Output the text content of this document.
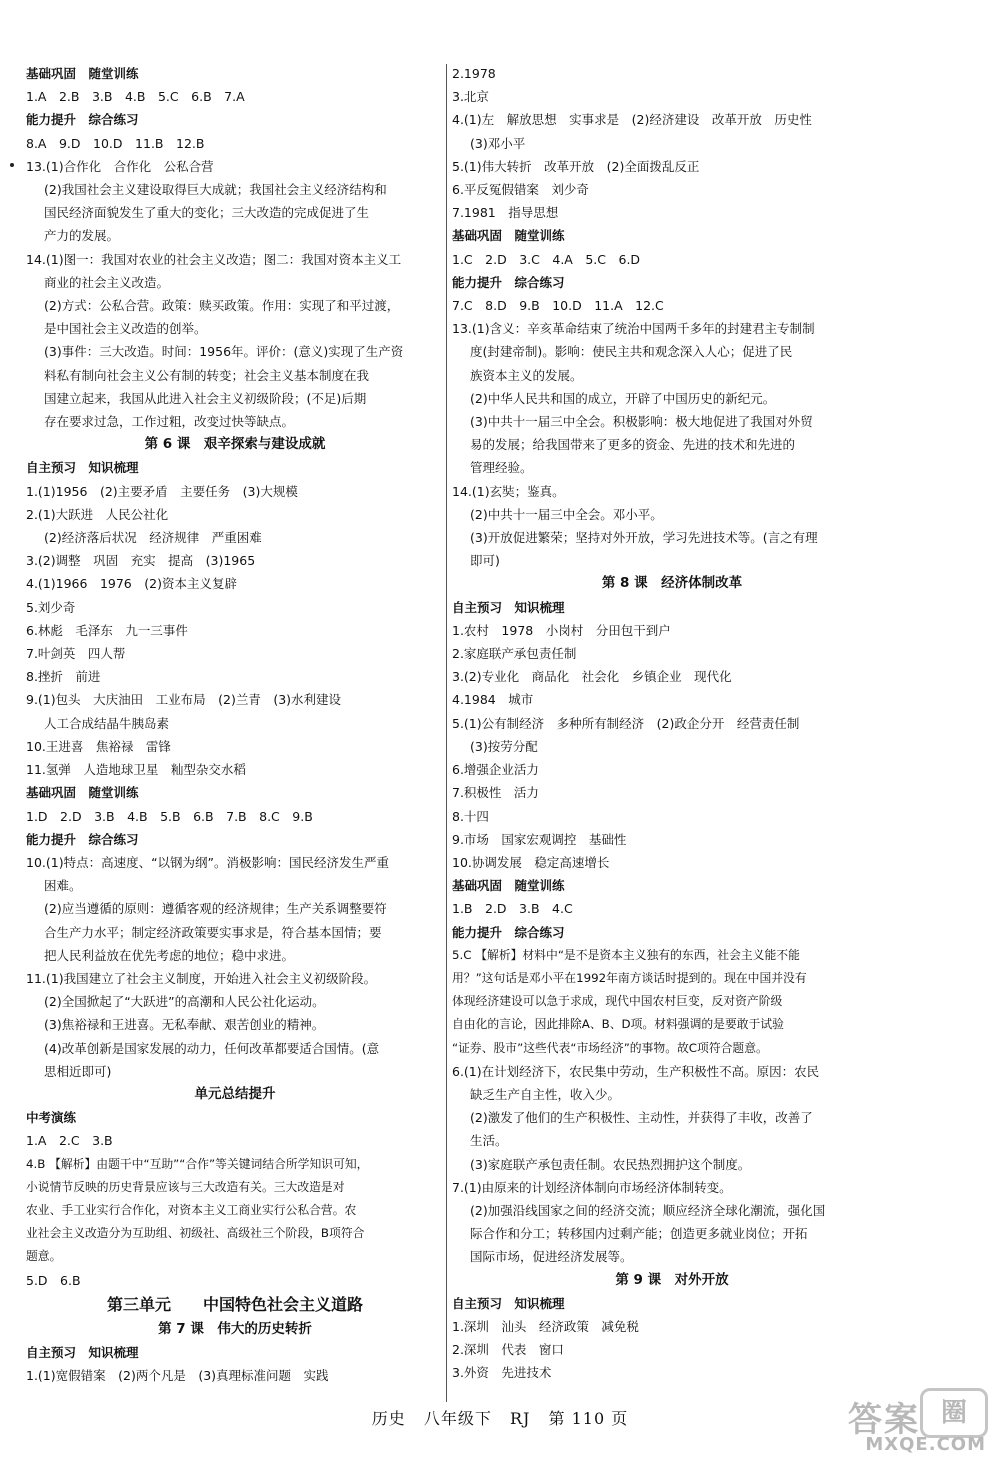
基础巩固　随堂训练
1.A　2.B　3.B　4.B　5.C　6.B　7.A
能力提升　综合练习
8.A　9.D　10.D　11.B　12.B
13.(1)合作化　合作化　公私合营
(2)我国社会主义建设取得巨大成就；我国社会主义经济结构和
国民经济面貌发生了重大的变化；三大改造的完成促进了生
产力的发展。
14.(1)图一：我国对农业的社会主义改造；图二：我国对资本主义工
商业的社会主义改造。
(2)方式：公私合营。政策：赎买政策。作用：实现了和平过渡，
是中国社会主义改造的创举。
(3)事件：三大改造。时间：1956年。评价：(意义)实现了生产资
料私有制向社会主义公有制的转变；社会主义基本制度在我
国建立起来，我国从此进入社会主义初级阶段；(不足)后期
存在要求过急，工作过粗，改变过快等缺点。
第 6 课　艰辛探索与建设成就
自主预习　知识梳理
1.(1)1956　(2)主要矛盾　主要任务　(3)大规模
2.(1)大跃进　人民公社化
(2)经济落后状况　经济规律　严重困难
3.(2)调整　巩固　充实　提高　(3)1965
4.(1)1966　1976　(2)资本主义复辟
5.刘少奇
6.林彪　毛泽东　九一三事件
7.叶剑英　四人帮
8.挫折　前进
9.(1)包头　大庆油田　工业布局　(2)兰青　(3)水利建设
人工合成结晶牛胰岛素
10.王进喜　焦裕禄　雷锋
11.氢弹　人造地球卫星　籼型杂交水稻
基础巩固　随堂训练
1.D　2.D　3.B　4.B　5.B　6.B　7.B　8.C　9.B
能力提升　综合练习
10.(1)特点：高速度、“以钢为纲”。消极影响：国民经济发生严重
困难。
(2)应当遵循的原则：遵循客观的经济规律；生产关系调整要符
合生产力水平；制定经济政策要实事求是，符合基本国情；要
把人民利益放在优先考虑的地位；稳中求进。
11.(1)我国建立了社会主义制度，开始进入社会主义初级阶段。
(2)全国掀起了“大跃进”的高潮和人民公社化运动。
(3)焦裕禄和王进喜。无私奉献、艰苦创业的精神。
(4)改革创新是国家发展的动力，任何改革都要适合国情。(意
思相近即可)
单元总结提升
中考演练
1.A　2.C　3.B
4.B 【解析】由题干中“互助”“合作”等关键词结合所学知识可知，
小说情节反映的历史背景应该与三大改造有关。三大改造是对
农业、手工业实行合作化，对资本主义工商业实行公私合营。农
业社会主义改造分为互助组、初级社、高级社三个阶段，B项符合
题意。
5.D　6.B
第三单元　　中国特色社会主义道路
第 7 课　伟大的历史转折
自主预习　知识梳理
1.(1)宽假错案　(2)两个凡是　(3)真理标准问题　实践
2.1978
3.北京
4.(1)左　解放思想　实事求是　(2)经济建设　改革开放　历史性
(3)邓小平
5.(1)伟大转折　改革开放　(2)全面拨乱反正
6.平反冤假错案　刘少奇
7.1981　指导思想
基础巩固　随堂训练
1.C　2.D　3.C　4.A　5.C　6.D
能力提升　综合练习
7.C　8.D　9.B　10.D　11.A　12.C
13.(1)含义：辛亥革命结束了统治中国两千多年的封建君主专制制
度(封建帝制)。影响：使民主共和观念深入人心；促进了民
族资本主义的发展。
(2)中华人民共和国的成立，开辟了中国历史的新纪元。
(3)中共十一届三中全会。积极影响：极大地促进了我国对外贸
易的发展；给我国带来了更多的资金、先进的技术和先进的
管理经验。
14.(1)玄奘；鉴真。
(2)中共十一届三中全会。邓小平。
(3)开放促进繁荣；坚持对外开放，学习先进技术等。(言之有理
即可)
第 8 课　经济体制改革
自主预习　知识梳理
1.农村　1978　小岗村　分田包干到户
2.家庭联产承包责任制
3.(2)专业化　商品化　社会化　乡镇企业　现代化
4.1984　城市
5.(1)公有制经济　多种所有制经济　(2)政企分开　经营责任制
(3)按劳分配
6.增强企业活力
7.积极性　活力
8.十四
9.市场　国家宏观调控　基础性
10.协调发展　稳定高速增长
基础巩固　随堂训练
1.B　2.D　3.B　4.C
能力提升　综合练习
5.C 【解析】材料中“是不是资本主义独有的东西，社会主义能不能
用？”这句话是邓小平在1992年南方谈话时提到的。现在中国并没有
体现经济建设可以急于求成，现代中国农村巨变，反对资产阶级
自由化的言论，因此排除A、B、D项。材料强调的是要敢于试验
“证券、股市”这些代表“市场经济”的事物。故C项符合题意。
6.(1)在计划经济下，农民集中劳动，生产积极性不高。原因：农民
缺乏生产自主性，收入少。
(2)激发了他们的生产积极性、主动性，并获得了丰收，改善了
生活。
(3)家庭联产承包责任制。农民热烈拥护这个制度。
7.(1)由原来的计划经济体制向市场经济体制转变。
(2)加强沿线国家之间的经济交流；顺应经济全球化潮流，强化国
际合作和分工；转移国内过剩产能；创造更多就业岗位；开拓
国际市场，促进经济发展等。
第 9 课　对外开放
自主预习　知识梳理
1.深圳　汕头　经济政策　减免税
2.深圳　代表　窗口
3.外资　先进技术
历史 八年级下 RJ 第 110 页	答案 圈
MXQE.COM
